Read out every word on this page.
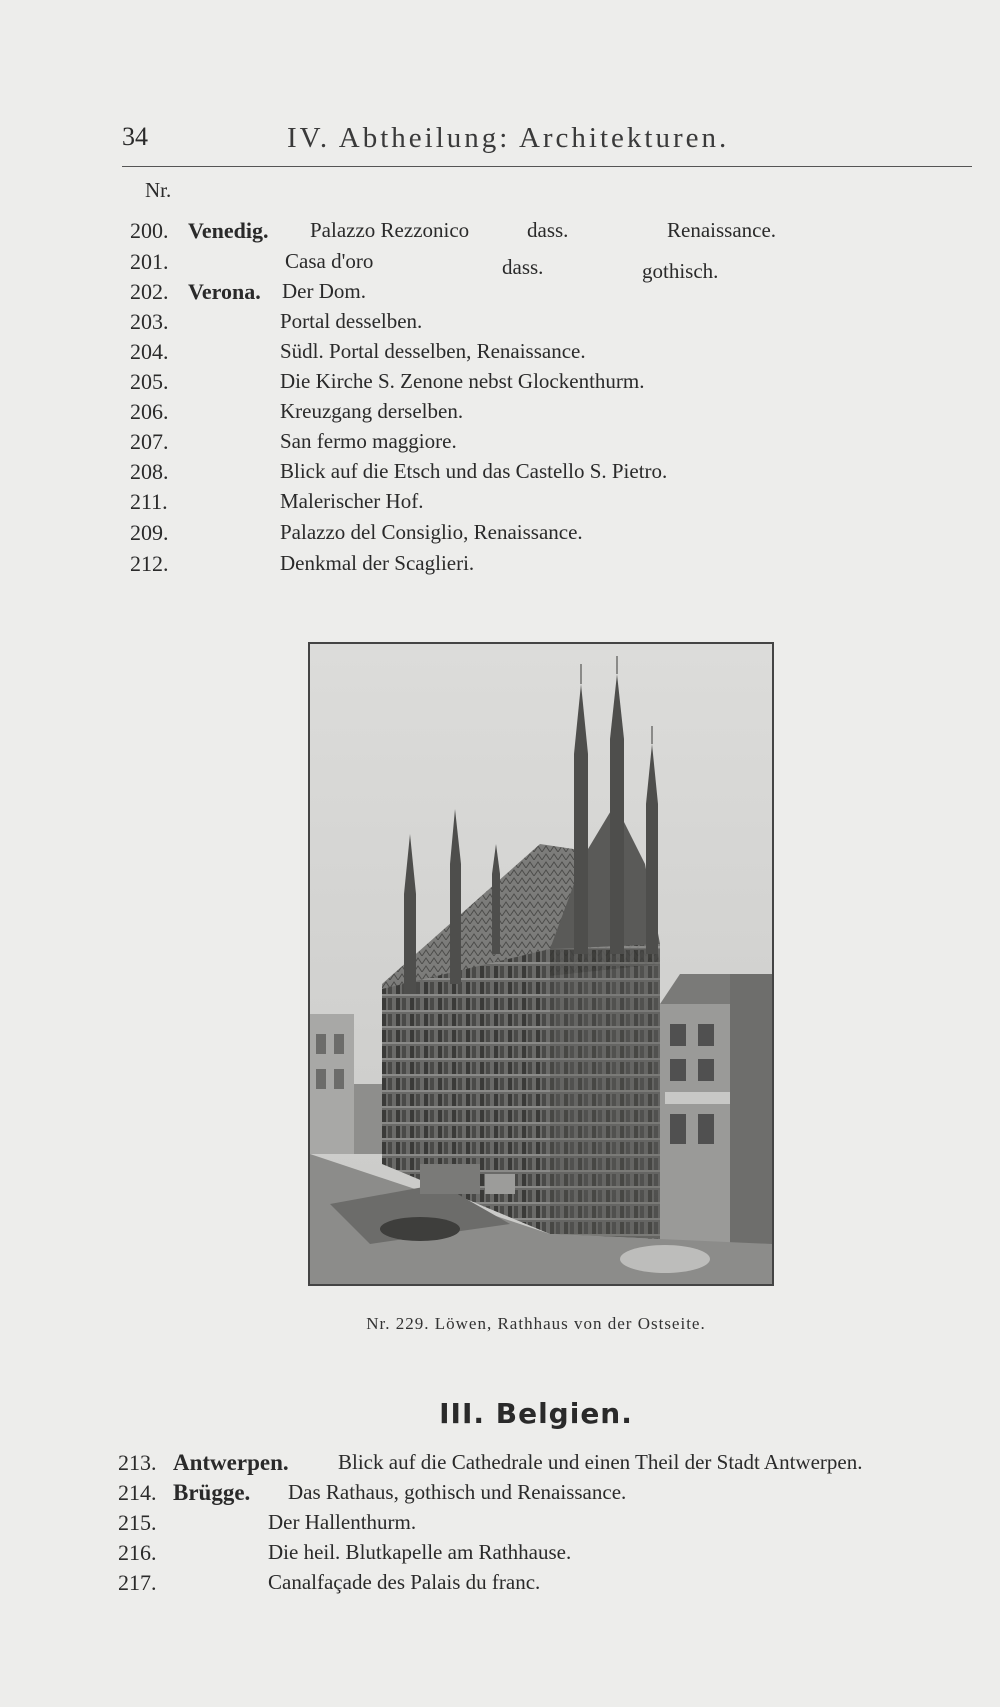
34	IV. Abtheilung: Architekturen.
Nr.
200. Venedig. Palazzo Rezzonico	dass.	Renaissance.
201.	Casa d'oro	dass.	gothisch.
202. Verona. Der Dom.
203.	Portal desselben.
204.	Südl. Portal desselben, Renaissance.
205.	Die Kirche S. Zenone nebst Glockenthurm.
206.	Kreuzgang derselben.
207.	San fermo maggiore.
208.	Blick auf die Etsch und das Castello S. Pietro.
211.	Malerischer Hof.
209.	Palazzo del Consiglio, Renaissance.
212.	Denkmal der Scaglieri.
Nr. 229. Löwen, Rathhaus von der Ostseite.
III. Belgien.
213. Antwerpen. Blick auf die Cathedrale und einen Theil der Stadt Antwerpen.
214. Brügge. Das Rathaus, gothisch und Renaissance.
215.	Der Hallenthurm.
216.	Die heil. Blutkapelle am Rathhause.
217.	Canalfaçade des Palais du franc.
